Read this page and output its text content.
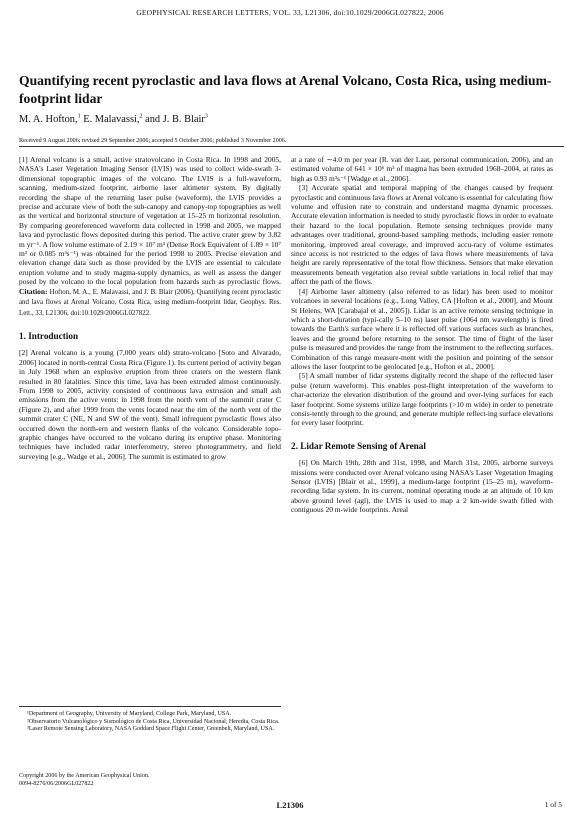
GEOPHYSICAL RESEARCH LETTERS, VOL. 33, L21306, doi:10.1029/2006GL027822, 2006
Quantifying recent pyroclastic and lava flows at Arenal Volcano, Costa Rica, using medium-footprint lidar
M. A. Hofton,$^1$ E. Malavassi,$^2$ and J. B. Blair$^3$
Received 9 August 2006; revised 29 September 2006; accepted 5 October 2006; published 3 November 2006.

[1] Arenal volcano is a small, active stratovolcano in Costa Rica. In 1998 and 2005, NASA's Laser Vegetation Imaging Sensor (LVIS) was used to collect wide-swath 3-dimensional topographic images of the volcano. The LVIS is a full-waveform, scanning, medium-sized footprint, airborne laser altimeter system. By digitally recording the shape of the returning laser pulse (waveform), the LVIS provides a precise and accurate view of both the sub-canopy and canopy-top topographies as well as the vertical and horizontal structure of vegetation at 15–25 m horizontal resolution. By comparing georeferenced waveform data collected in 1998 and 2005, we mapped lava and pyroclastic flows deposited during this period. The active crater grew by 3.82 m yr⁻¹. A flow volume estimate of 2.19 × 10⁷ m³ (Dense Rock Equivalent of 1.89 × 10⁷ m³ or 0.085 m³s⁻¹) was obtained for the period 1998 to 2005. Precise elevation and elevation change data such as those provided by the LVIS are essential to calculate eruption volume and to study magma-supply dynamics, as well as assess the danger posed by the volcano to the local population from hazards such as pyroclastic flows. Citation: Hofton, M. A., E. Malavassi, and J. B. Blair (2006), Quantifying recent pyroclastic and lava flows at Arenal Volcano, Costa Rica, using medium-footprint lidar, Geophys. Res. Lett., 33, L21306, doi:10.1029/2006GL027822.

1. Introduction

[2] Arenal volcano is a young (7,000 years old) strato-volcano [Soto and Alvarado, 2006] located in north-central Costa Rica (Figure 1). Its current period of activity began in July 1968 when an explosive eruption from three craters on the western flank resulted in 80 fatalities. Since this time, lava has been extruded almost continuously. From 1998 to 2005, activity consisted of continuous lava extrusion and small ash emissions from the active vents: in 1998 from the north vent of the summit crater C (Figure 2), and after 1999 from the vents located near the rim of the north vent of the summit crater C (NE, N and SW of the vent). Small infrequent pyroclastic flows also occurred down the north-ern and western flanks of the volcano. Considerable topo-graphic changes have occurred to the volcano during its eruptive phase. Monitoring techniques have included radar interferometry, stereo photogrammetry, and field surveying [e.g., Wadge et al., 2006]. The summit is estimated to grow

¹Department of Geography, University of Maryland, College Park, Maryland, USA.
²Observatorio Vulcanológico y Sismológico de Costa Rica, Universidad Nacional, Heredia, Costa Rica.
³Laser Remote Sensing Laboratory, NASA Goddard Space Flight Center, Greenbelt, Maryland, USA.
Copyright 2006 by the American Geophysical Union.
0094-8276/06/2006GL027822

at a rate of ∼4.0 m per year (R. van der Laat, personal communication, 2006), and an estimated volume of 641 × 10⁶ m³ of magma has been extruded 1968–2004, at rates as high as 0.93 m³s⁻¹ [Wadge et al., 2006].

[3] Accurate spatial and temporal mapping of the changes caused by frequent pyroclastic and continuous lava flows at Arenal volcano is essential for calculating flow volume and effusion rate to constrain and understand magma dynamic processes. Accurate elevation information is needed to study pyroclastic flows in order to evaluate their hazard to the local population. Remote sensing techniques provide many advantages over traditional, ground-based sampling methods, including easier remote monitoring, improved areal coverage, and improved accu-racy of volume estimates since access is not restricted to the edges of lava flows where measurements of lava height are rarely representative of the total flow thickness. Sensors that make elevation measurements beneath vegetation also reveal subtle variations in local relief that may affect the path of the flows.

[4] Airborne laser altimetry (also referred to as lidar) has been used to monitor volcanoes in several locations (e.g., Long Valley, CA [Hofton et al., 2000], and Mount St Helens, WA [Carabajal et al., 2005]). Lidar is an active remote sensing technique in which a short-duration (typi-cally 5–10 ns) laser pulse (1064 nm wavelength) is fired towards the Earth's surface where it is reflected off various surfaces such as branches, leaves and the ground before returning to the sensor. The time of flight of the laser pulse is measured and provides the range from the instrument to the reflecting surfaces. Combination of this range measure-ment with the position and pointing of the sensor allows the laser footprint to be geolocated [e.g., Hofton et al., 2000].

[5] A small number of lidar systems digitally record the shape of the reflected laser pulse (return waveform). This enables post-flight interpretation of the waveform to char-acterize the elevation distribution of the ground and over-lying surfaces for each laser footprint. Some systems utilize large footprints (>10 m wide) in order to penetrate consis-tently through to the ground, and generate multiple reflect-ing surface elevations for every laser footprint.

2. Lidar Remote Sensing of Arenal

[6] On March 19th, 28th and 31st, 1998, and March 31st, 2005, airborne surveys missions were conducted over Arenal volcano using NASA's Laser Vegetation Imaging Sensor (LVIS) [Blair et al., 1999], a medium-large footprint (15–25 m), waveform-recording lidar system. In its current, nominal operating mode at an altitude of 10 km above ground level (agl), the LVIS is used to map a 2 km-wide swath filled with contiguous 20 m-wide footprints. Areal

L21306	1 of 5
